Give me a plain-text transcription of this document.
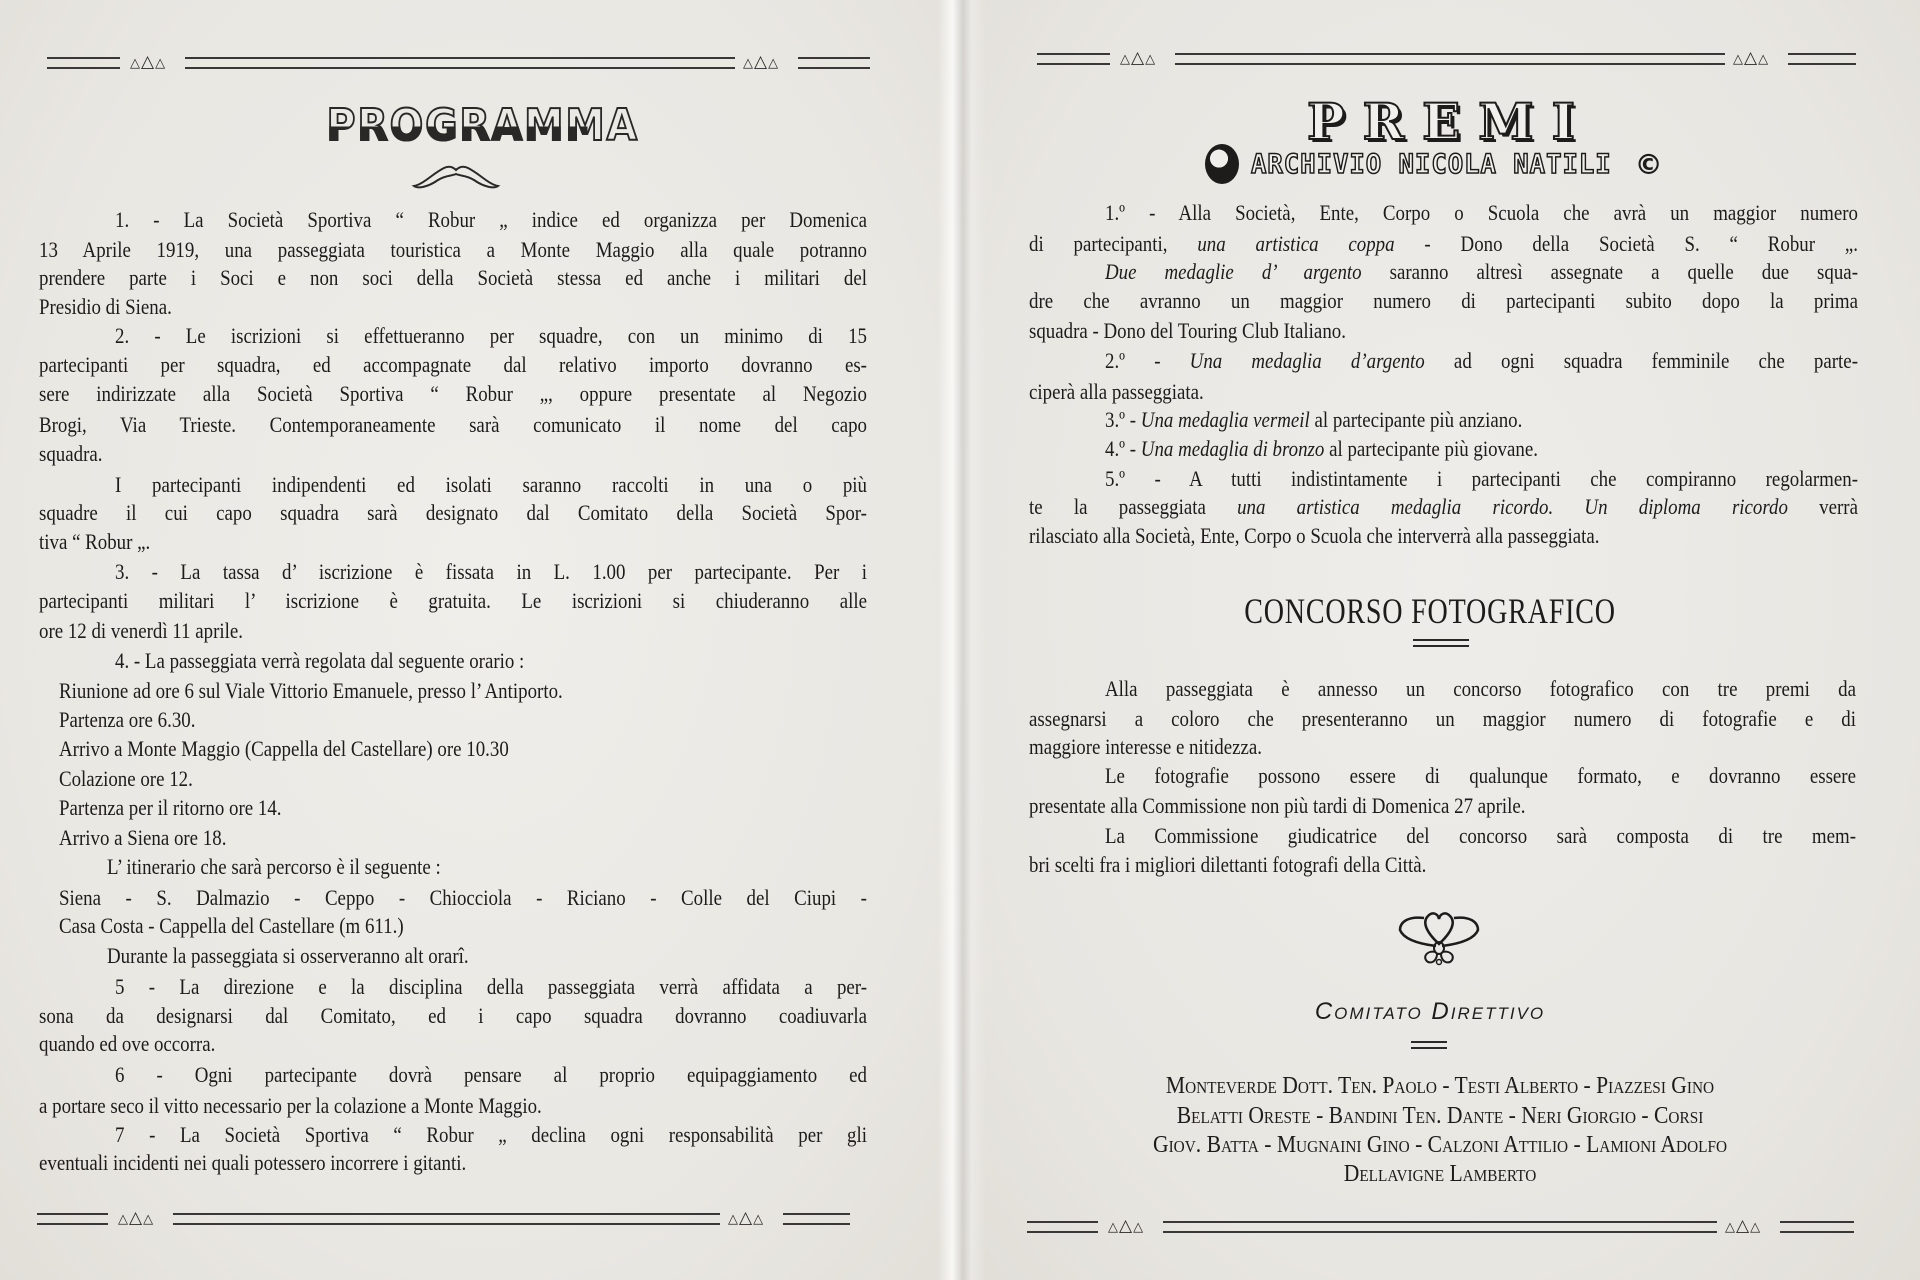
△△△	△△△
△△△	△△△
△△△	△△△
△△△	△△△
PROGRAMMA
1. - La Società Sportiva “ Robur „ indice ed organizza per Domenica
13 Aprile 1919, una passeggiata touristica a Monte Maggio alla quale potranno
prendere parte i Soci e non soci della Società stessa ed anche i militari del
Presidio di Siena.
2. - Le iscrizioni si effettueranno per squadre, con un minimo di 15
partecipanti per squadra, ed accompagnate dal relativo importo dovranno es-
sere indirizzate alla Società Sportiva “ Robur „, oppure presentate al Negozio
Brogi, Via Trieste. Contemporaneamente sarà comunicato il nome del capo
squadra.
I partecipanti indipendenti ed isolati saranno raccolti in una o più
squadre il cui capo squadra sarà designato dal Comitato della Società Spor-
tiva “ Robur „.
3. - La tassa d’ iscrizione è fissata in L. 1.00 per partecipante. Per i
partecipanti militari l’ iscrizione è gratuita. Le iscrizioni si chiuderanno alle
ore 12 di venerdì 11 aprile.
4. - La passeggiata verrà regolata dal seguente orario :
Riunione ad ore 6 sul Viale Vittorio Emanuele, presso l’ Antiporto.
Partenza ore 6.30.
Arrivo a Monte Maggio (Cappella del Castellare) ore 10.30
Colazione ore 12.
Partenza per il ritorno ore 14.
Arrivo a Siena ore 18.
L’ itinerario che sarà percorso è il seguente :
Siena - S. Dalmazio - Ceppo - Chiocciola - Riciano - Colle del Ciupi -
Casa Costa - Cappella del Castellare (m 611.)
Durante la passeggiata si osserveranno alt orarî.
5 - La direzione e la disciplina della passeggiata verrà affidata a per-
sona da designarsi dal Comitato, ed i capo squadra dovranno coadiuvarla
quando ed ove occorra.
6 - Ogni partecipante dovrà pensare al proprio equipaggiamento ed
a portare seco il vitto necessario per la colazione a Monte Maggio.
7 - La Società Sportiva “ Robur „ declina ogni responsabilità per gli
eventuali incidenti nei quali potessero incorrere i gitanti.
PREMI
ARCHIVIO NICOLA NATILI ©
1.º - Alla Società, Ente, Corpo o Scuola che avrà un maggior numero
di partecipanti, una artistica coppa - Dono della Società S. “ Robur „.
Due medaglie d’ argento saranno altresì assegnate a quelle due squa-
dre che avranno un maggior numero di partecipanti subito dopo la prima
squadra - Dono del Touring Club Italiano.
2.º - Una medaglia d’argento ad ogni squadra femminile che parte-
ciperà alla passeggiata.
3.º - Una medaglia vermeil al partecipante più anziano.
4.º - Una medaglia di bronzo al partecipante più giovane.
5.º - A tutti indistintamente i partecipanti che compiranno regolarmen-
te la passeggiata una artistica medaglia ricordo. Un diploma ricordo verrà
rilasciato alla Società, Ente, Corpo o Scuola che interverrà alla passeggiata.
CONCORSO FOTOGRAFICO
Alla passeggiata è annesso un concorso fotografico con tre premi da
assegnarsi a coloro che presenteranno un maggior numero di fotografie e di
maggiore interesse e nitidezza.
Le fotografie possono essere di qualunque formato, e dovranno essere
presentate alla Commissione non più tardi di Domenica 27 aprile.
La Commissione giudicatrice del concorso sarà composta di tre mem-
bri scelti fra i migliori dilettanti fotografi della Città.
Comitato Direttivo
Monteverde Dott. Ten. Paolo - Testi Alberto - Piazzesi Gino
Belatti Oreste - Bandini Ten. Dante - Neri Giorgio - Corsi
Giov. Batta - Mugnaini Gino - Calzoni Attilio - Lamioni Adolfo
Dellavigne Lamberto
